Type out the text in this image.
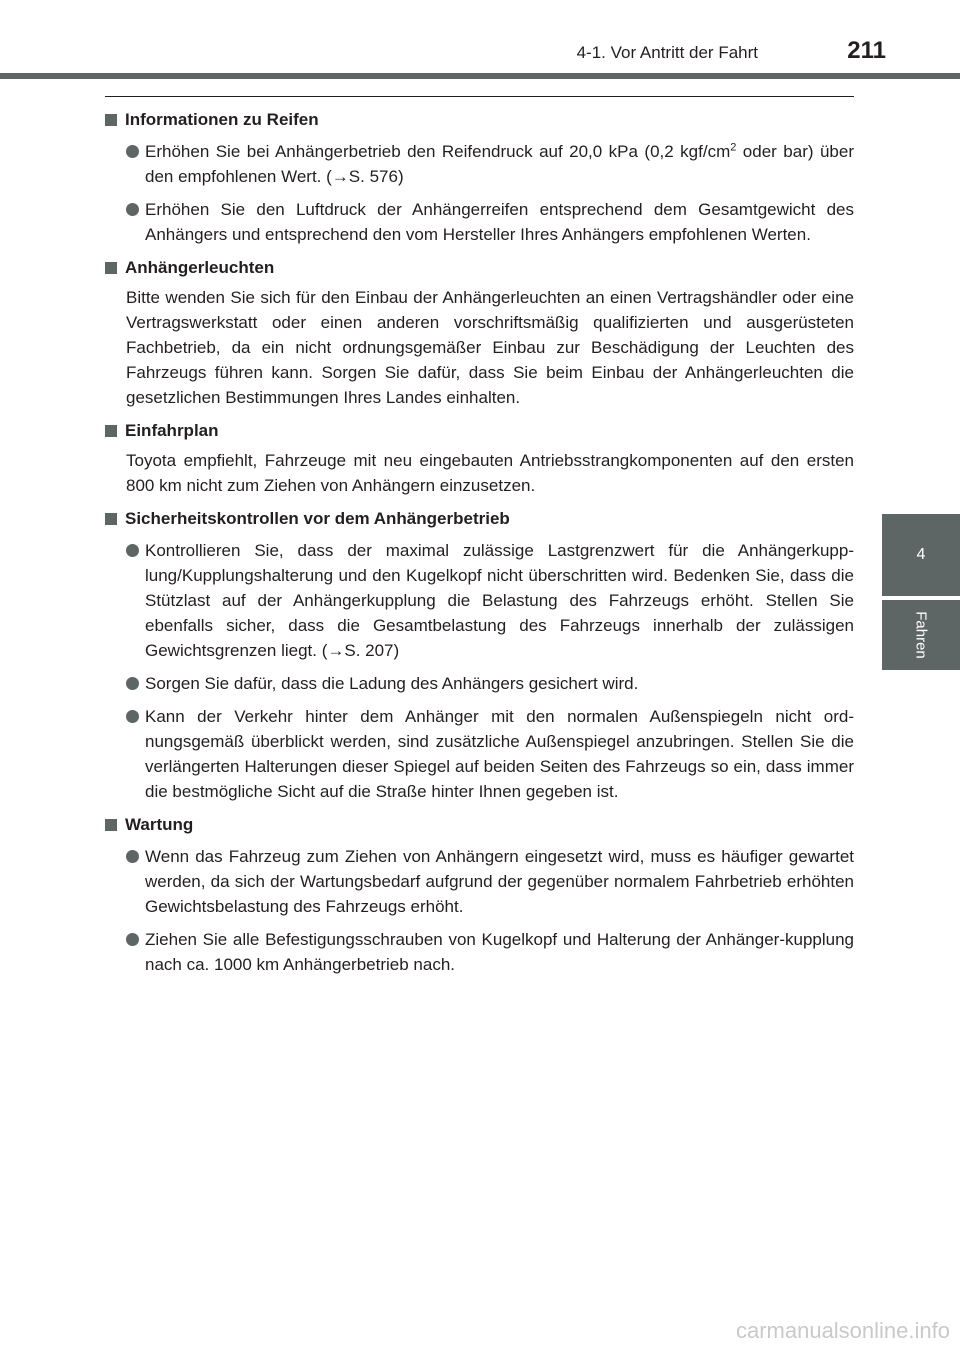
4-1. Vor Antritt der Fahrt	211
4
Fahren
Informationen zu Reifen
Erhöhen Sie bei Anhängerbetrieb den Reifendruck auf 20,0 kPa (0,2 kgf/$cm^2$ oder bar) über den empfohlenen Wert. (→S. 576)
Erhöhen Sie den Luftdruck der Anhängerreifen entsprechend dem Gesamtgewicht des Anhängers und entsprechend den vom Hersteller Ihres Anhängers empfohlenen Werten.
Anhängerleuchten
Bitte wenden Sie sich für den Einbau der Anhängerleuchten an einen Vertragshändler oder eine Vertragswerkstatt oder einen anderen vorschriftsmäßig qualifizierten und ausgerüsteten Fachbetrieb, da ein nicht ordnungsgemäßer Einbau zur Beschädigung der Leuchten des Fahrzeugs führen kann. Sorgen Sie dafür, dass Sie beim Einbau der Anhängerleuchten die gesetzlichen Bestimmungen Ihres Landes einhalten.
Einfahrplan
Toyota empfiehlt, Fahrzeuge mit neu eingebauten Antriebsstrangkomponenten auf den ersten 800 km nicht zum Ziehen von Anhängern einzusetzen.
Sicherheitskontrollen vor dem Anhängerbetrieb
Kontrollieren Sie, dass der maximal zulässige Lastgrenzwert für die Anhängerkupp-lung/Kupplungshalterung und den Kugelkopf nicht überschritten wird. Bedenken Sie, dass die Stützlast auf der Anhängerkupplung die Belastung des Fahrzeugs erhöht. Stellen Sie ebenfalls sicher, dass die Gesamtbelastung des Fahrzeugs innerhalb der zulässigen Gewichtsgrenzen liegt. (→S. 207)
Sorgen Sie dafür, dass die Ladung des Anhängers gesichert wird.
Kann der Verkehr hinter dem Anhänger mit den normalen Außenspiegeln nicht ord-nungsgemäß überblickt werden, sind zusätzliche Außenspiegel anzubringen. Stellen Sie die verlängerten Halterungen dieser Spiegel auf beiden Seiten des Fahrzeugs so ein, dass immer die bestmögliche Sicht auf die Straße hinter Ihnen gegeben ist.
Wartung
Wenn das Fahrzeug zum Ziehen von Anhängern eingesetzt wird, muss es häufiger gewartet werden, da sich der Wartungsbedarf aufgrund der gegenüber normalem Fahrbetrieb erhöhten Gewichtsbelastung des Fahrzeugs erhöht.
Ziehen Sie alle Befestigungsschrauben von Kugelkopf und Halterung der Anhänger-kupplung nach ca. 1000 km Anhängerbetrieb nach.
carmanualsonline.info
